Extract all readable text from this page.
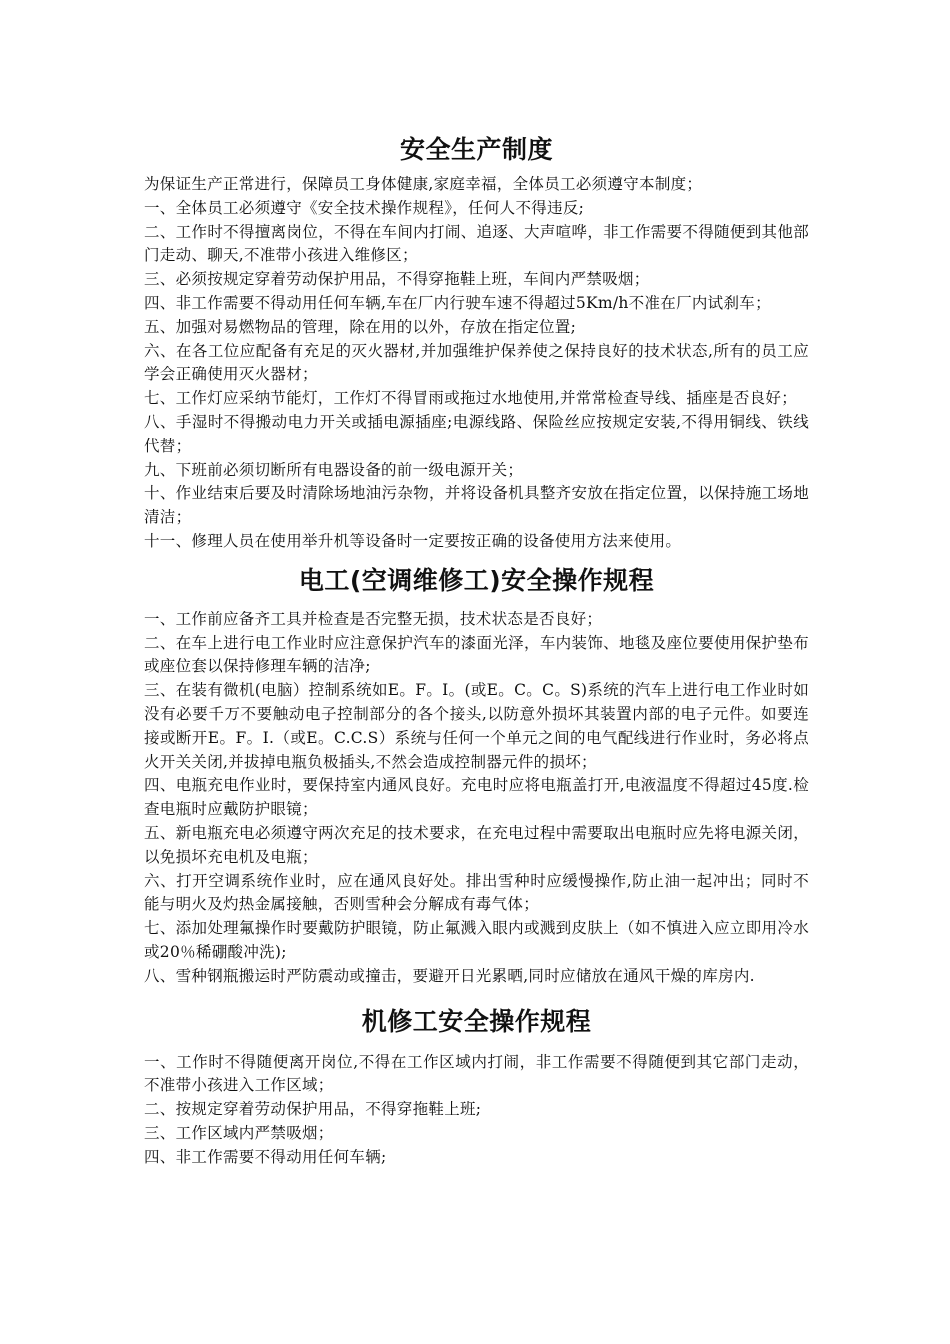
安全生产制度

为保证生产正常进行，保障员工身体健康,家庭幸福，全体员工必须遵守本制度；

一、全体员工必须遵守《安全技术操作规程》，任何人不得违反;

二、工作时不得擅离岗位，不得在车间内打闹、追逐、大声喧哗，非工作需要不得随便到其他部门走动、聊天,不准带小孩进入维修区；

三、必须按规定穿着劳动保护用品，不得穿拖鞋上班，车间内严禁吸烟；

四、非工作需要不得动用任何车辆,车在厂内行驶车速不得超过5Km/h不准在厂内试刹车；

五、加强对易燃物品的管理，除在用的以外，存放在指定位置;

六、在各工位应配备有充足的灭火器材,并加强维护保养使之保持良好的技术状态,所有的员工应学会正确使用灭火器材；

七、工作灯应采纳节能灯，工作灯不得冒雨或拖过水地使用,并常常检查导线、插座是否良好；

八、手湿时不得搬动电力开关或插电源插座;电源线路、保险丝应按规定安装,不得用铜线、铁线代替；

九、下班前必须切断所有电器设备的前一级电源开关；

十、作业结束后要及时清除场地油污杂物，并将设备机具整齐安放在指定位置，以保持施工场地清洁；

十一、修理人员在使用举升机等设备时一定要按正确的设备使用方法来使用。

电工(空调维修工)安全操作规程

一、工作前应备齐工具并检查是否完整无损，技术状态是否良好；

二、在车上进行电工作业时应注意保护汽车的漆面光泽，车内装饰、地毯及座位要使用保护垫布或座位套以保持修理车辆的洁净;

三、在装有微机(电脑）控制系统如E。F。I。(或E。C。C。S)系统的汽车上进行电工作业时如没有必要千万不要触动电子控制部分的各个接头,以防意外损坏其装置内部的电子元件。如要连接或断开E。F。I.（或E。C.C.S）系统与任何一个单元之间的电气配线进行作业时，务必将点火开关关闭,并拔掉电瓶负极插头,不然会造成控制器元件的损坏；

四、电瓶充电作业时，要保持室内通风良好。充电时应将电瓶盖打开,电液温度不得超过45度.检查电瓶时应戴防护眼镜；

五、新电瓶充电必须遵守两次充足的技术要求，在充电过程中需要取出电瓶时应先将电源关闭，以免损坏充电机及电瓶；

六、打开空调系统作业时，应在通风良好处。排出雪种时应缓慢操作,防止油一起冲出；同时不能与明火及灼热金属接触，否则雪种会分解成有毒气体；

七、添加处理氟操作时要戴防护眼镜，防止氟溅入眼内或溅到皮肤上（如不慎进入应立即用冷水或20％稀硼酸冲洗);

八、雪种钢瓶搬运时严防震动或撞击，要避开日光累晒,同时应储放在通风干燥的库房内.

机修工安全操作规程

一、工作时不得随便离开岗位,不得在工作区域内打闹，非工作需要不得随便到其它部门走动，不准带小孩进入工作区域；

二、按规定穿着劳动保护用品，不得穿拖鞋上班;

三、工作区域内严禁吸烟；

四、非工作需要不得动用任何车辆;
